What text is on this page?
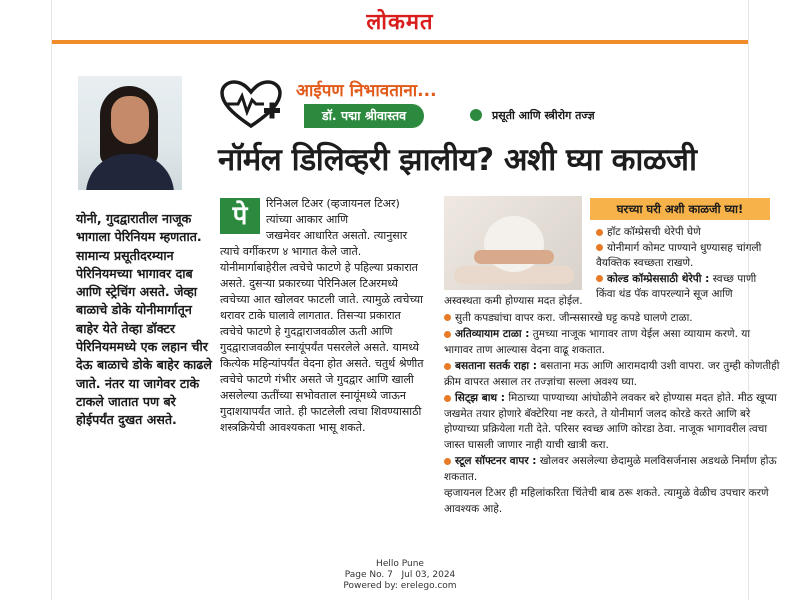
लोकमत
योनी, गुदद्वारातील नाजूक भागाला पेरिनियम म्हणतात. सामान्य प्रसूतीदरम्यान पेरिनियमच्या भागावर दाब आणि स्ट्रेचिंग असते. जेव्हा बाळाचे डोके योनीमार्गातून बाहेर येते तेव्हा डॉक्टर पेरिनियममध्ये एक लहान चीर देऊ बाळाचे डोके बाहेर काढले जाते. नंतर या जागेवर टाके टाकले जातात पण बरे होईपर्यंत दुखत असते.
आईपण निभावताना...
डॉ. पद्मा श्रीवास्तव	प्रसूती आणि स्त्रीरोग तज्ज्ञ
नॉर्मल डिलिव्हरी झालीय? अशी घ्या काळजी
पे	रिनिअल टिअर (व्हजायनल टिअर) त्यांच्या आकार आणि

जखमेवर आधारित असतो. त्यानुसार त्याचे वर्गीकरण ४ भागात केले जाते. योनीमार्गाबाहेरील त्वचेचे फाटणे हे पहिल्या प्रकारात असते. दुसऱ्या प्रकारच्या पेरिनिअल टिअरमध्ये त्वचेच्या आत खोलवर फाटली जाते. त्यामुळे त्वचेच्या थरावर टाके घालावे लागतात. तिसऱ्या प्रकारात त्वचेचे फाटणे हे गुदद्वाराजवळील ऊती आणि गुदद्वाराजवळील स्नायूंपर्यंत पसरलेले असते. यामध्ये कित्येक महिन्यांपर्यंत वेदना होत असते. चतुर्थ श्रेणीत त्वचेचे फाटणे गंभीर असते जे गुदद्वार आणि खाली असलेल्या ऊतींच्या सभोवताल स्नायूंमध्ये जाऊन गुदाशयापर्यंत जाते. ही फाटलेली त्वचा शिवण्यासाठी शस्त्रक्रियेची आवश्यकता भासू शकते.

घरच्या घरी अशी काळजी घ्या!
हॉट कॉम्प्रेसची थेरेपी घेणे
योनीमार्ग कोमट पाण्याने धुण्यासह चांगली वैयक्तिक स्वच्छता राखणे.
कोल्ड कॉम्प्रेससाठी थेरेपी : स्वच्छ पाणी किंवा थंड पॅक वापरल्याने सूज आणि

अस्वस्थता कमी होण्यास मदत होईल.

सुती कपड्यांचा वापर करा. जीन्ससारखे घट्ट कपडे घालणे टाळा.

अतिव्यायाम टाळा : तुमच्या नाजूक भागावर ताण येईल असा व्यायाम करणे. या भागावर ताण आल्यास वेदना वाढू शकतात.

बसताना सतर्क राहा : बसताना मऊ आणि आरामदायी उशी वापरा. जर तुम्ही कोणतीही क्रीम वापरत असाल तर तज्ज्ञांचा सल्ला अवश्य घ्या.

सिट्झ बाथ : मिठाच्या पाण्याच्या आंघोळीने लवकर बरे होण्यास मदत होते. मीठ खूप्या जखमेत तयार होणारे बॅक्टेरिया नष्ट करते, ते योनीमार्ग जलद कोरडे करते आणि बरे होण्याच्या प्रक्रियेला गती देते. परिसर स्वच्छ आणि कोरडा ठेवा. नाजूक भागावरील त्वचा जास्त घासली जाणार नाही याची खात्री करा.

स्टूल सॉफ्टनर वापर : खोलवर असलेल्या छेदामुळे मलविसर्जनास अडथळे निर्माण होऊ शकतात.

व्हजायनल टिअर ही महिलांकरिता चिंतेची बाब ठरू शकते. त्यामुळे वेळीच उपचार करणे आवश्यक आहे.

Hello Pune
Page No. 7 Jul 03, 2024
Powered by: erelego.com
